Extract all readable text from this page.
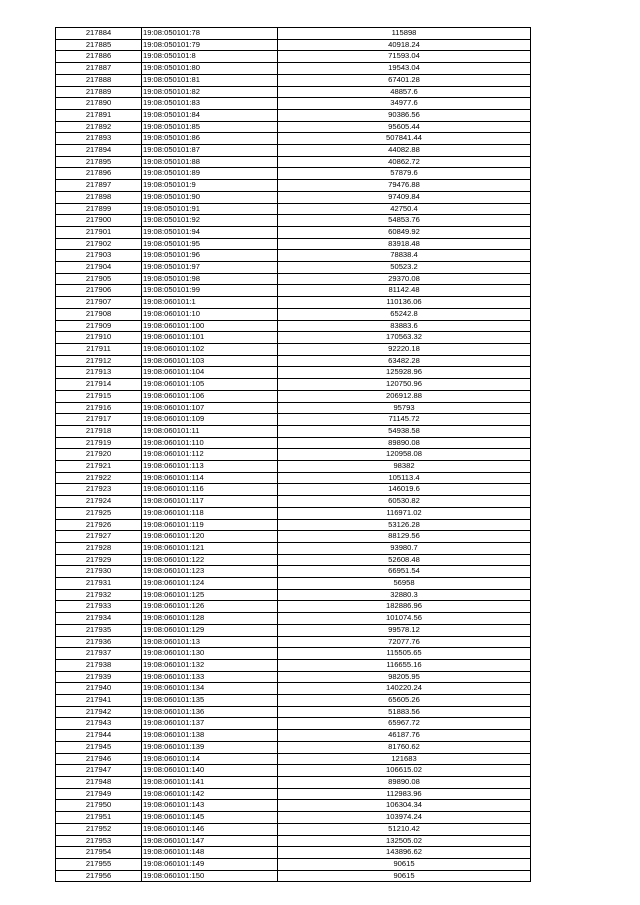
217884	19:08:050101:78	115898
217885	19:08:050101:79	40918.24
217886	19:08:050101:8	71593.04
217887	19:08:050101:80	19543.04
217888	19:08:050101:81	67401.28
217889	19:08:050101:82	48857.6
217890	19:08:050101:83	34977.6
217891	19:08:050101:84	90386.56
217892	19:08:050101:85	95605.44
217893	19:08:050101:86	507841.44
217894	19:08:050101:87	44082.88
217895	19:08:050101:88	40862.72
217896	19:08:050101:89	57879.6
217897	19:08:050101:9	79476.88
217898	19:08:050101:90	97409.84
217899	19:08:050101:91	42750.4
217900	19:08:050101:92	54853.76
217901	19:08:050101:94	60849.92
217902	19:08:050101:95	83918.48
217903	19:08:050101:96	78838.4
217904	19:08:050101:97	50523.2
217905	19:08:050101:98	29370.08
217906	19:08:050101:99	81142.48
217907	19:08:060101:1	110136.06
217908	19:08:060101:10	65242.8
217909	19:08:060101:100	83883.6
217910	19:08:060101:101	170563.32
217911	19:08:060101:102	92220.18
217912	19:08:060101:103	63482.28
217913	19:08:060101:104	125928.96
217914	19:08:060101:105	120750.96
217915	19:08:060101:106	206912.88
217916	19:08:060101:107	95793
217917	19:08:060101:109	71145.72
217918	19:08:060101:11	54938.58
217919	19:08:060101:110	89890.08
217920	19:08:060101:112	120958.08
217921	19:08:060101:113	98382
217922	19:08:060101:114	105113.4
217923	19:08:060101:116	146019.6
217924	19:08:060101:117	60530.82
217925	19:08:060101:118	116971.02
217926	19:08:060101:119	53126.28
217927	19:08:060101:120	88129.56
217928	19:08:060101:121	93980.7
217929	19:08:060101:122	52608.48
217930	19:08:060101:123	66951.54
217931	19:08:060101:124	56958
217932	19:08:060101:125	32880.3
217933	19:08:060101:126	182886.96
217934	19:08:060101:128	101074.56
217935	19:08:060101:129	99578.12
217936	19:08:060101:13	72077.76
217937	19:08:060101:130	115505.65
217938	19:08:060101:132	116655.16
217939	19:08:060101:133	98205.95
217940	19:08:060101:134	140220.24
217941	19:08:060101:135	65605.26
217942	19:08:060101:136	51883.56
217943	19:08:060101:137	65967.72
217944	19:08:060101:138	46187.76
217945	19:08:060101:139	81760.62
217946	19:08:060101:14	121683
217947	19:08:060101:140	106615.02
217948	19:08:060101:141	89890.08
217949	19:08:060101:142	112983.96
217950	19:08:060101:143	106304.34
217951	19:08:060101:145	103974.24
217952	19:08:060101:146	51210.42
217953	19:08:060101:147	132505.02
217954	19:08:060101:148	143896.62
217955	19:08:060101:149	90615
217956	19:08:060101:150	90615
